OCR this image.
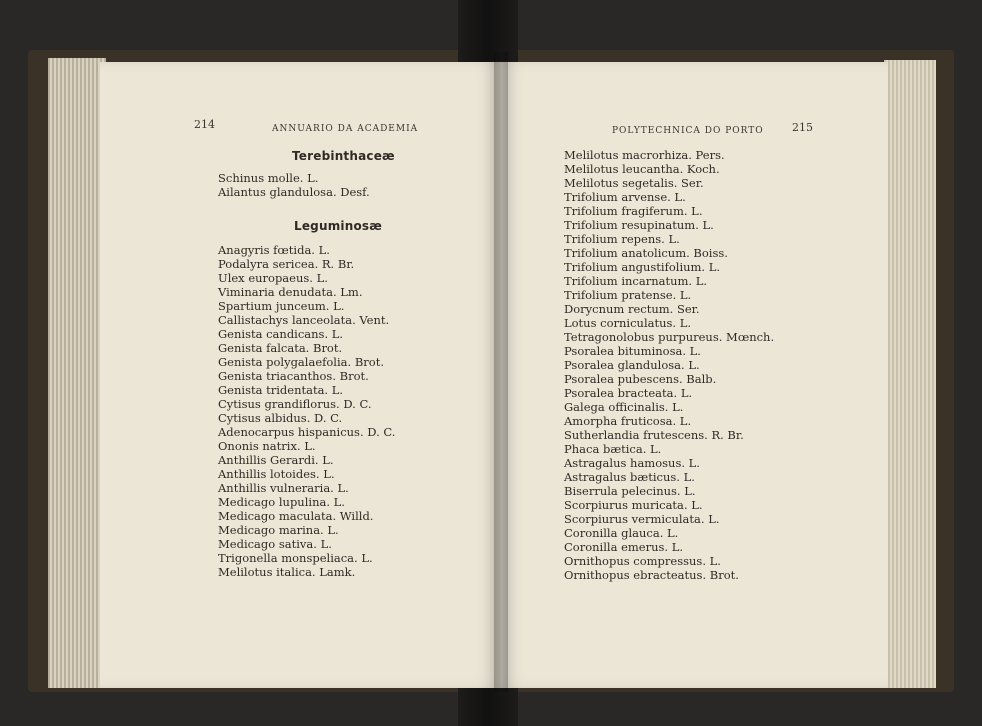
214	ANNUARIO DA ACADEMIA
Terebinthaceæ
Schinus molle. L.
Ailantus glandulosa. Desf.
Leguminosæ
Anagyris fœtida. L.
Podalyra sericea. R. Br.
Ulex europaeus. L.
Viminaria denudata. Lm.
Spartium junceum. L.
Callistachys lanceolata. Vent.
Genista candicans. L.
Genista falcata. Brot.
Genista polygalaefolia. Brot.
Genista triacanthos. Brot.
Genista tridentata. L.
Cytisus grandiflorus. D. C.
Cytisus albidus. D. C.
Adenocarpus hispanicus. D. C.
Ononis natrix. L.
Anthillis Gerardi. L.
Anthillis lotoides. L.
Anthillis vulneraria. L.
Medicago lupulina. L.
Medicago maculata. Willd.
Medicago marina. L.
Medicago sativa. L.
Trigonella monspeliaca. L.
Melilotus italica. Lamk.
POLYTECHNICA DO PORTO	215
Melilotus macrorhiza. Pers.
Melilotus leucantha. Koch.
Melilotus segetalis. Ser.
Trifolium arvense. L.
Trifolium fragiferum. L.
Trifolium resupinatum. L.
Trifolium repens. L.
Trifolium anatolicum. Boiss.
Trifolium angustifolium. L.
Trifolium incarnatum. L.
Trifolium pratense. L.
Dorycnum rectum. Ser.
Lotus corniculatus. L.
Tetragonolobus purpureus. Mœnch.
Psoralea bituminosa. L.
Psoralea glandulosa. L.
Psoralea pubescens. Balb.
Psoralea bracteata. L.
Galega officinalis. L.
Amorpha fruticosa. L.
Sutherlandia frutescens. R. Br.
Phaca bætica. L.
Astragalus hamosus. L.
Astragalus bæticus. L.
Biserrula pelecinus. L.
Scorpiurus muricata. L.
Scorpiurus vermiculata. L.
Coronilla glauca. L.
Coronilla emerus. L.
Ornithopus compressus. L.
Ornithopus ebracteatus. Brot.
